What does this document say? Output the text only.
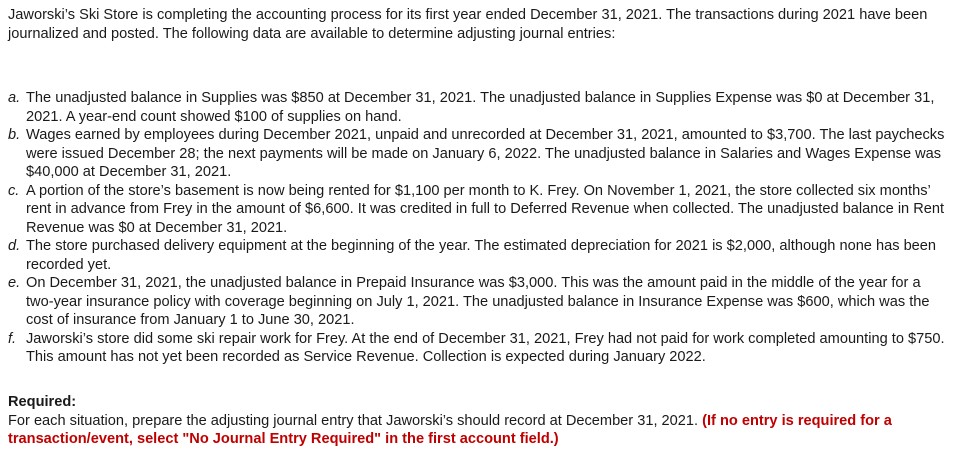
Jaworski’s Ski Store is completing the accounting process for its first year ended December 31, 2021. The transactions during 2021 have been journalized and posted. The following data are available to determine adjusting journal entries:

a. The unadjusted balance in Supplies was $850 at December 31, 2021. The unadjusted balance in Supplies Expense was $0 at December 31, 2021. A year-end count showed $100 of supplies on hand.
b. Wages earned by employees during December 2021, unpaid and unrecorded at December 31, 2021, amounted to $3,700. The last paychecks were issued December 28; the next payments will be made on January 6, 2022. The unadjusted balance in Salaries and Wages Expense was $40,000 at December 31, 2021.
c. A portion of the store’s basement is now being rented for $1,100 per month to K. Frey. On November 1, 2021, the store collected six months’ rent in advance from Frey in the amount of $6,600. It was credited in full to Deferred Revenue when collected. The unadjusted balance in Rent Revenue was $0 at December 31, 2021.
d. The store purchased delivery equipment at the beginning of the year. The estimated depreciation for 2021 is $2,000, although none has been recorded yet.
e. On December 31, 2021, the unadjusted balance in Prepaid Insurance was $3,000. This was the amount paid in the middle of the year for a two-year insurance policy with coverage beginning on July 1, 2021. The unadjusted balance in Insurance Expense was $600, which was the cost of insurance from January 1 to June 30, 2021.
f. Jaworski’s store did some ski repair work for Frey. At the end of December 31, 2021, Frey had not paid for work completed amounting to $750. This amount has not yet been recorded as Service Revenue. Collection is expected during January 2022.

Required:

For each situation, prepare the adjusting journal entry that Jaworski’s should record at December 31, 2021. (If no entry is required for a transaction/event, select "No Journal Entry Required" in the first account field.)
